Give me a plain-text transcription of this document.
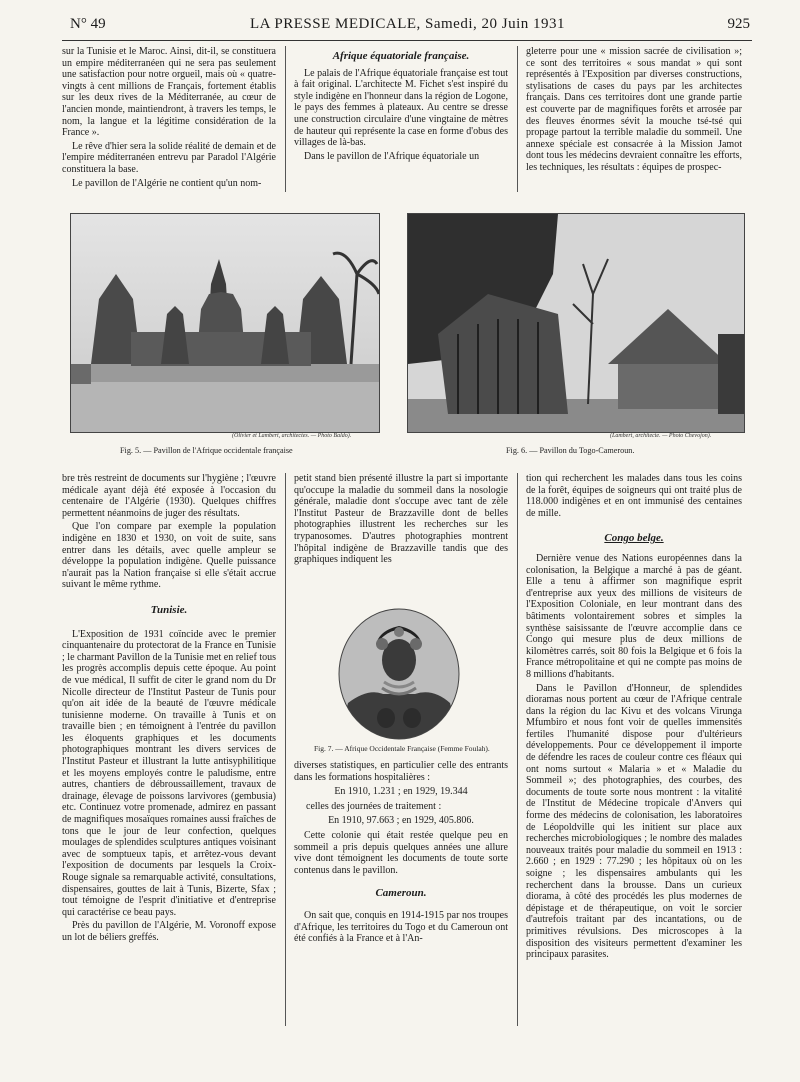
N° 49	LA PRESSE MEDICALE, Samedi, 20 Juin 1931	925

sur la Tunisie et le Maroc. Ainsi, dit-il, se constituera un empire méditerranéen qui ne sera pas seulement une satisfaction pour notre orgueil, mais où « quatre-vingts à cent millions de Français, fortement établis sur les deux rives de la Méditerranée, au cœur de l'ancien monde, maintiendront, à travers les temps, le nom, la langue et la légitime considération de la France ».

Le rêve d'hier sera la solide réalité de demain et de l'empire méditerranéen entrevu par Paradol l'Algérie constituera la base.

Le pavillon de l'Algérie ne contient qu'un nom-

Afrique équatoriale française.

Le palais de l'Afrique équatoriale française est tout à fait original. L'architecte M. Fichet s'est inspiré du style indigène en l'honneur dans la région de Logone, le pays des femmes à plateaux. Au centre se dresse une construction circulaire d'une vingtaine de mètres de hauteur qui représente la case en forme d'obus des villages de là-bas.

Dans le pavillon de l'Afrique équatoriale un

gleterre pour une « mission sacrée de civilisation »; ce sont des territoires « sous mandat » qui sont représentés à l'Exposition par diverses constructions, stylisations de cases du pays par les architectes français. Dans ces territoires dont une grande partie est couverte par de magnifiques forêts et arrosée par des fleuves énormes sévit la mouche tsé-tsé qui propage partout la terrible maladie du sommeil. Une annexe spéciale est consacrée à la Mission Jamot dont tous les médecins devraient connaître les efforts, les techniques, les résultats : équipes de prospec-

(Olivier et Lambert, architectes. — Photo Baldo).
Fig. 5. — Pavillon de l'Afrique occidentale française
(Lambert, architecte. — Photo Chevojon).
Fig. 6. — Pavillon du Togo-Cameroun.

bre très restreint de documents sur l'hygiène ; l'œuvre médicale ayant déjà été exposée à l'occasion du centenaire de l'Algérie (1930). Quelques chiffres permettent néanmoins de juger des résultats.

Que l'on compare par exemple la population indigène en 1830 et 1930, on voit de suite, sans entrer dans les détails, avec quelle ampleur se développe la population indigène. Quelle puissance n'aurait pas la Nation française si elle s'était accrue suivant le même rythme.

Tunisie.

L'Exposition de 1931 coïncide avec le premier cinquantenaire du protectorat de la France en Tunisie ; le charmant Pavillon de la Tunisie met en relief tous les progrès accomplis depuis cette époque. Au point de vue médical, Il suffit de citer le grand nom du Dr Nicolle directeur de l'Institut Pasteur de Tunis pour qu'on ait idée de la beauté de l'œuvre médicale tunisienne moderne. On travaille à Tunis et on travaille bien ; en témoignent à l'entrée du pavillon les éloquents graphiques et les documents photographiques montrant les divers services de l'Institut Pasteur et illustrant la lutte antisyphilitique et les moyens employés contre le paludisme, entre autres, chantiers de débroussaillement, travaux de drainage, élevage de poissons larvivores (gembusia) etc. Continuez votre promenade, admirez en passant de magnifiques mosaïques romaines aussi fraîches de tons que le jour de leur confection, quelques moulages de splendides sculptures antiques voisinant avec de somptueux tapis, et arrêtez-vous devant l'exposition de documents par lesquels la Croix-Rouge signale sa remarquable activité, consultations, dispensaires, gouttes de lait à Tunis, Bizerte, Sfax ; tout témoigne de l'esprit d'initiative et d'entreprise qui caractérise ce beau pays.

Près du pavillon de l'Algérie, M. Voronoff expose un lot de béliers greffés.

petit stand bien présenté illustre la part si importante qu'occupe la maladie du sommeil dans la nosologie générale, maladie dont s'occupe avec tant de zèle l'Institut Pasteur de Brazzaville dont de belles photographies illustrent les recherches sur les trypanosomes. D'autres photographies montrent l'hôpital indigène de Brazzaville tandis que des graphiques indiquent les

Fig. 7. — Afrique Occidentale Française (Femme Foulah).

diverses statistiques, en particulier celle des entrants dans les formations hospitalières :

En 1910, 1.231 ; en 1929, 19.344

celles des journées de traitement :

En 1910, 97.663 ; en 1929, 405.806.

Cette colonie qui était restée quelque peu en sommeil a pris depuis quelques années une allure vive dont témoignent les documents de toute sorte contenus dans le pavillon.

Cameroun.

On sait que, conquis en 1914-1915 par nos troupes d'Afrique, les territoires du Togo et du Cameroun ont été confiés à la France et à l'An-

tion qui recherchent les malades dans tous les coins de la forêt, équipes de soigneurs qui ont traité plus de 118.000 indigènes et en ont immunisé des centaines de mille.

Congo belge.

Dernière venue des Nations européennes dans la colonisation, la Belgique a marché à pas de géant. Elle a tenu à affirmer son magnifique esprit d'entreprise aux yeux des millions de visiteurs de l'Exposition Coloniale, en leur montrant dans des bâtiments volontairement sobres et simples la synthèse saisissante de l'œuvre accomplie dans ce Congo qui mesure plus de deux millions de kilomètres carrés, soit 80 fois la Belgique et 6 fois la France métropolitaine et qui ne compte pas moins de 8 millions d'habitants.

Dans le Pavillon d'Honneur, de splendides dioramas nous portent au cœur de l'Afrique centrale dans la région du lac Kivu et des volcans Virunga Mfumbiro et nous font voir de quelles immensités fertiles l'humanité dispose pour d'ultérieurs développements. Pour ce développement il importe de défendre les races de couleur contre ces fléaux qui ont noms surtout « Malaria » et « Maladie du Sommeil »; des photographies, des courbes, des documents de toute sorte nous montrent : la vitalité de l'Institut de Médecine tropicale d'Anvers qui forme des médecins de colonisation, les laboratoires de Léopoldville qui les initient sur place aux recherches microbiologiques ; le nombre des malades nouveaux traités pour maladie du sommeil en 1913 : 2.660 ; en 1929 : 77.290 ; les hôpitaux où on les soigne ; les dispensaires ambulants qui les recherchent dans la brousse. Dans un curieux diorama, à côté des procédés les plus modernes de dépistage et de thérapeutique, on voit le sorcier d'autrefois traitant par des incantations, ou de primitives révulsions. Des microscopes à la disposition des visiteurs permettent d'examiner les principaux parasites.
